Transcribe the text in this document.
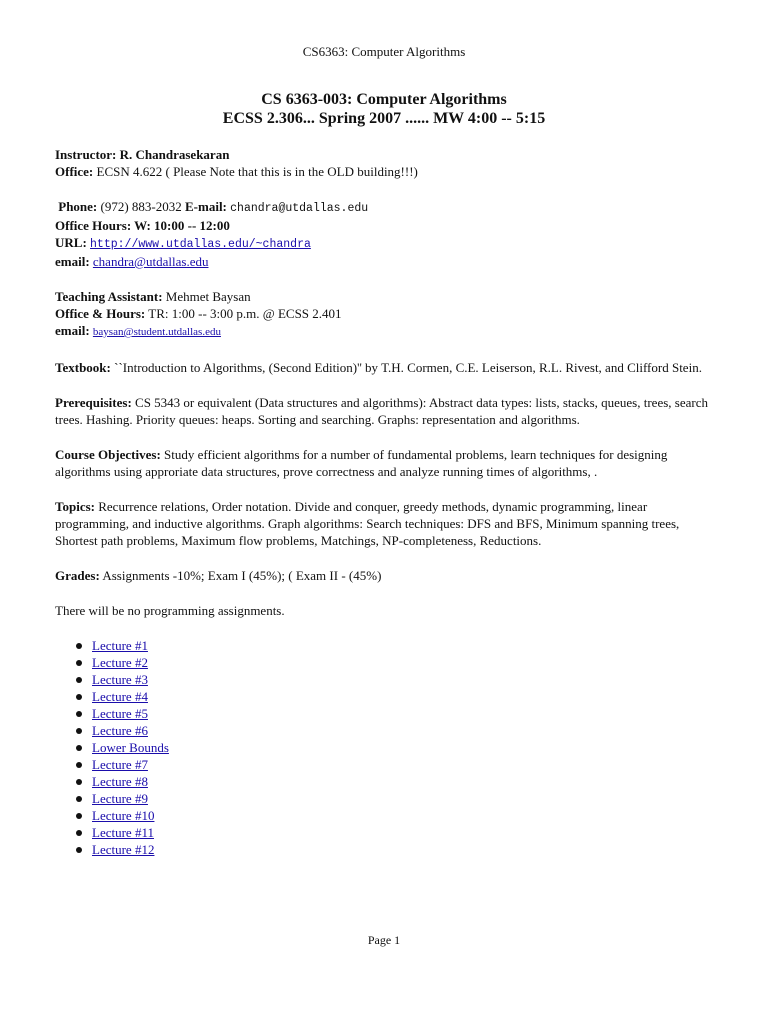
CS6363: Computer Algorithms
CS 6363-003: Computer Algorithms
ECSS 2.306... Spring 2007 ...... MW 4:00 -- 5:15

Instructor: R. Chandrasekaran

Office: ECSN 4.622 ( Please Note that this is in the OLD building!!!)

Phone: (972) 883-2032 E-mail: chandra@utdallas.edu

Office Hours: W: 10:00 -- 12:00

URL: http://www.utdallas.edu/~chandra

email: chandra@utdallas.edu

Teaching Assistant: Mehmet Baysan

Office & Hours: TR: 1:00 -- 3:00 p.m. @ ECSS 2.401

email: baysan@student.utdallas.edu

Textbook: ``Introduction to Algorithms, (Second Edition)'' by T.H. Cormen, C.E. Leiserson, R.L. Rivest, and Clifford Stein.

Prerequisites: CS 5343 or equivalent (Data structures and algorithms): Abstract data types: lists, stacks, queues, trees, search trees. Hashing. Priority queues: heaps. Sorting and searching. Graphs: representation and algorithms.

Course Objectives: Study efficient algorithms for a number of fundamental problems, learn techniques for designing algorithms using approriate data structures, prove correctness and analyze running times of algorithms, .

Topics: Recurrence relations, Order notation. Divide and conquer, greedy methods, dynamic programming, linear programming, and inductive algorithms. Graph algorithms: Search techniques: DFS and BFS, Minimum spanning trees, Shortest path problems, Maximum flow problems, Matchings, NP-completeness, Reductions.

Grades: Assignments -10%; Exam I (45%); ( Exam II - (45%)

There will be no programming assignments.

Lecture #1
Lecture #2
Lecture #3
Lecture #4
Lecture #5
Lecture #6
Lower Bounds
Lecture #7
Lecture #8
Lecture #9
Lecture #10
Lecture #11
Lecture #12
Page 1
